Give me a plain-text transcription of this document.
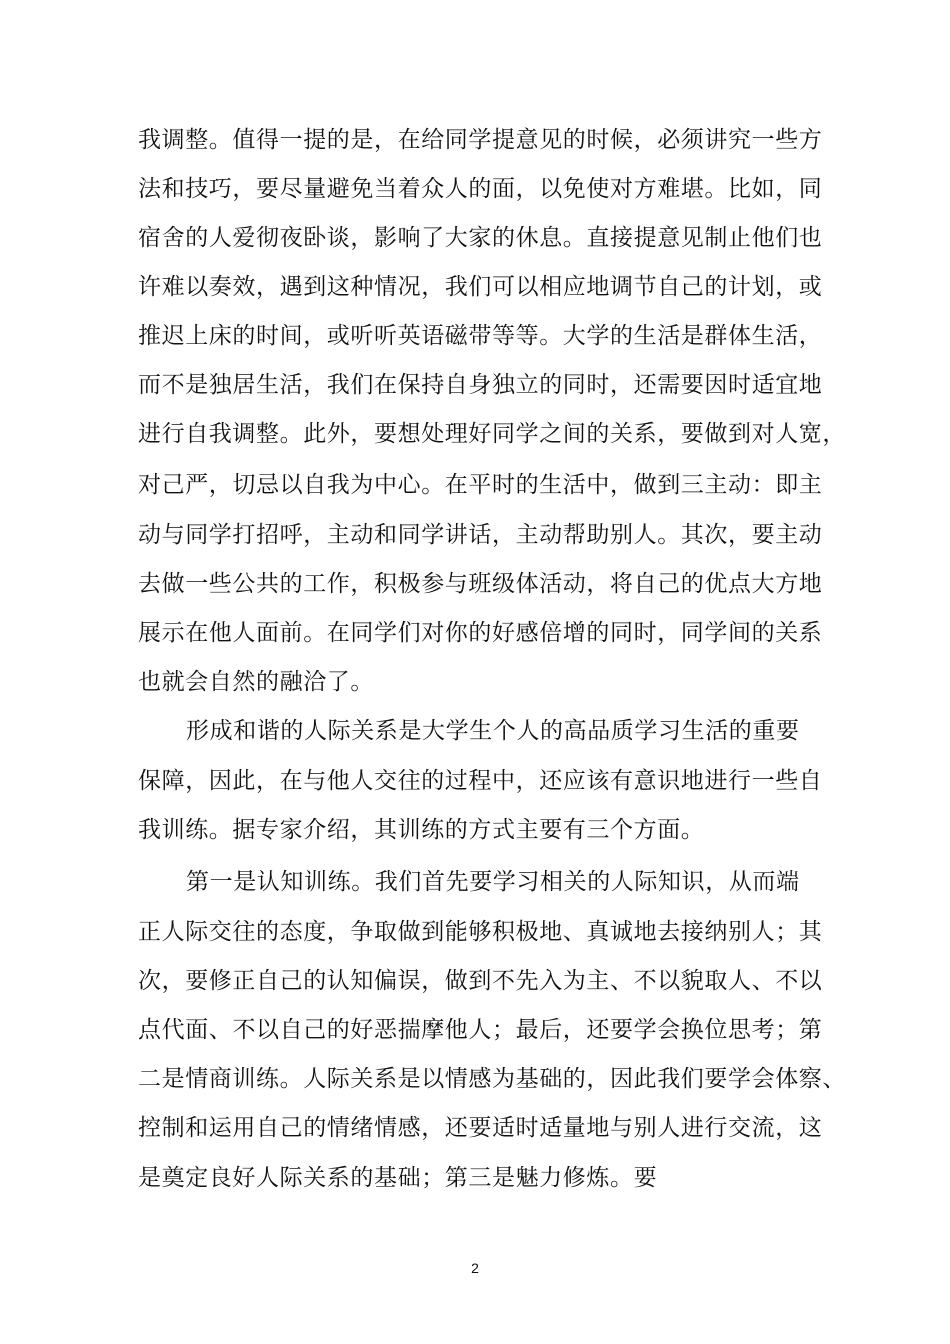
我调整。值得一提的是，在给同学提意见的时候，必须讲究一些方
法和技巧，要尽量避免当着众人的面，以免使对方难堪。比如，同
宿舍的人爱彻夜卧谈，影响了大家的休息。直接提意见制止他们也
许难以奏效，遇到这种情况，我们可以相应地调节自己的计划，或
推迟上床的时间，或听听英语磁带等等。大学的生活是群体生活，
而不是独居生活，我们在保持自身独立的同时，还需要因时适宜地
进行自我调整。此外，要想处理好同学之间的关系，要做到对人宽，
对己严，切忌以自我为中心。在平时的生活中，做到三主动：即主
动与同学打招呼，主动和同学讲话，主动帮助别人。其次，要主动
去做一些公共的工作，积极参与班级体活动，将自己的优点大方地
展示在他人面前。在同学们对你的好感倍增的同时，同学间的关系
也就会自然的融洽了。
形成和谐的人际关系是大学生个人的高品质学习生活的重要
保障，因此，在与他人交往的过程中，还应该有意识地进行一些自
我训练。据专家介绍，其训练的方式主要有三个方面。
第一是认知训练。我们首先要学习相关的人际知识，从而端
正人际交往的态度，争取做到能够积极地、真诚地去接纳别人；其
次，要修正自己的认知偏误，做到不先入为主、不以貌取人、不以
点代面、不以自己的好恶揣摩他人；最后，还要学会换位思考；第
二是情商训练。人际关系是以情感为基础的，因此我们要学会体察、
控制和运用自己的情绪情感，还要适时适量地与别人进行交流，这
是奠定良好人际关系的基础；第三是魅力修炼。要
2
